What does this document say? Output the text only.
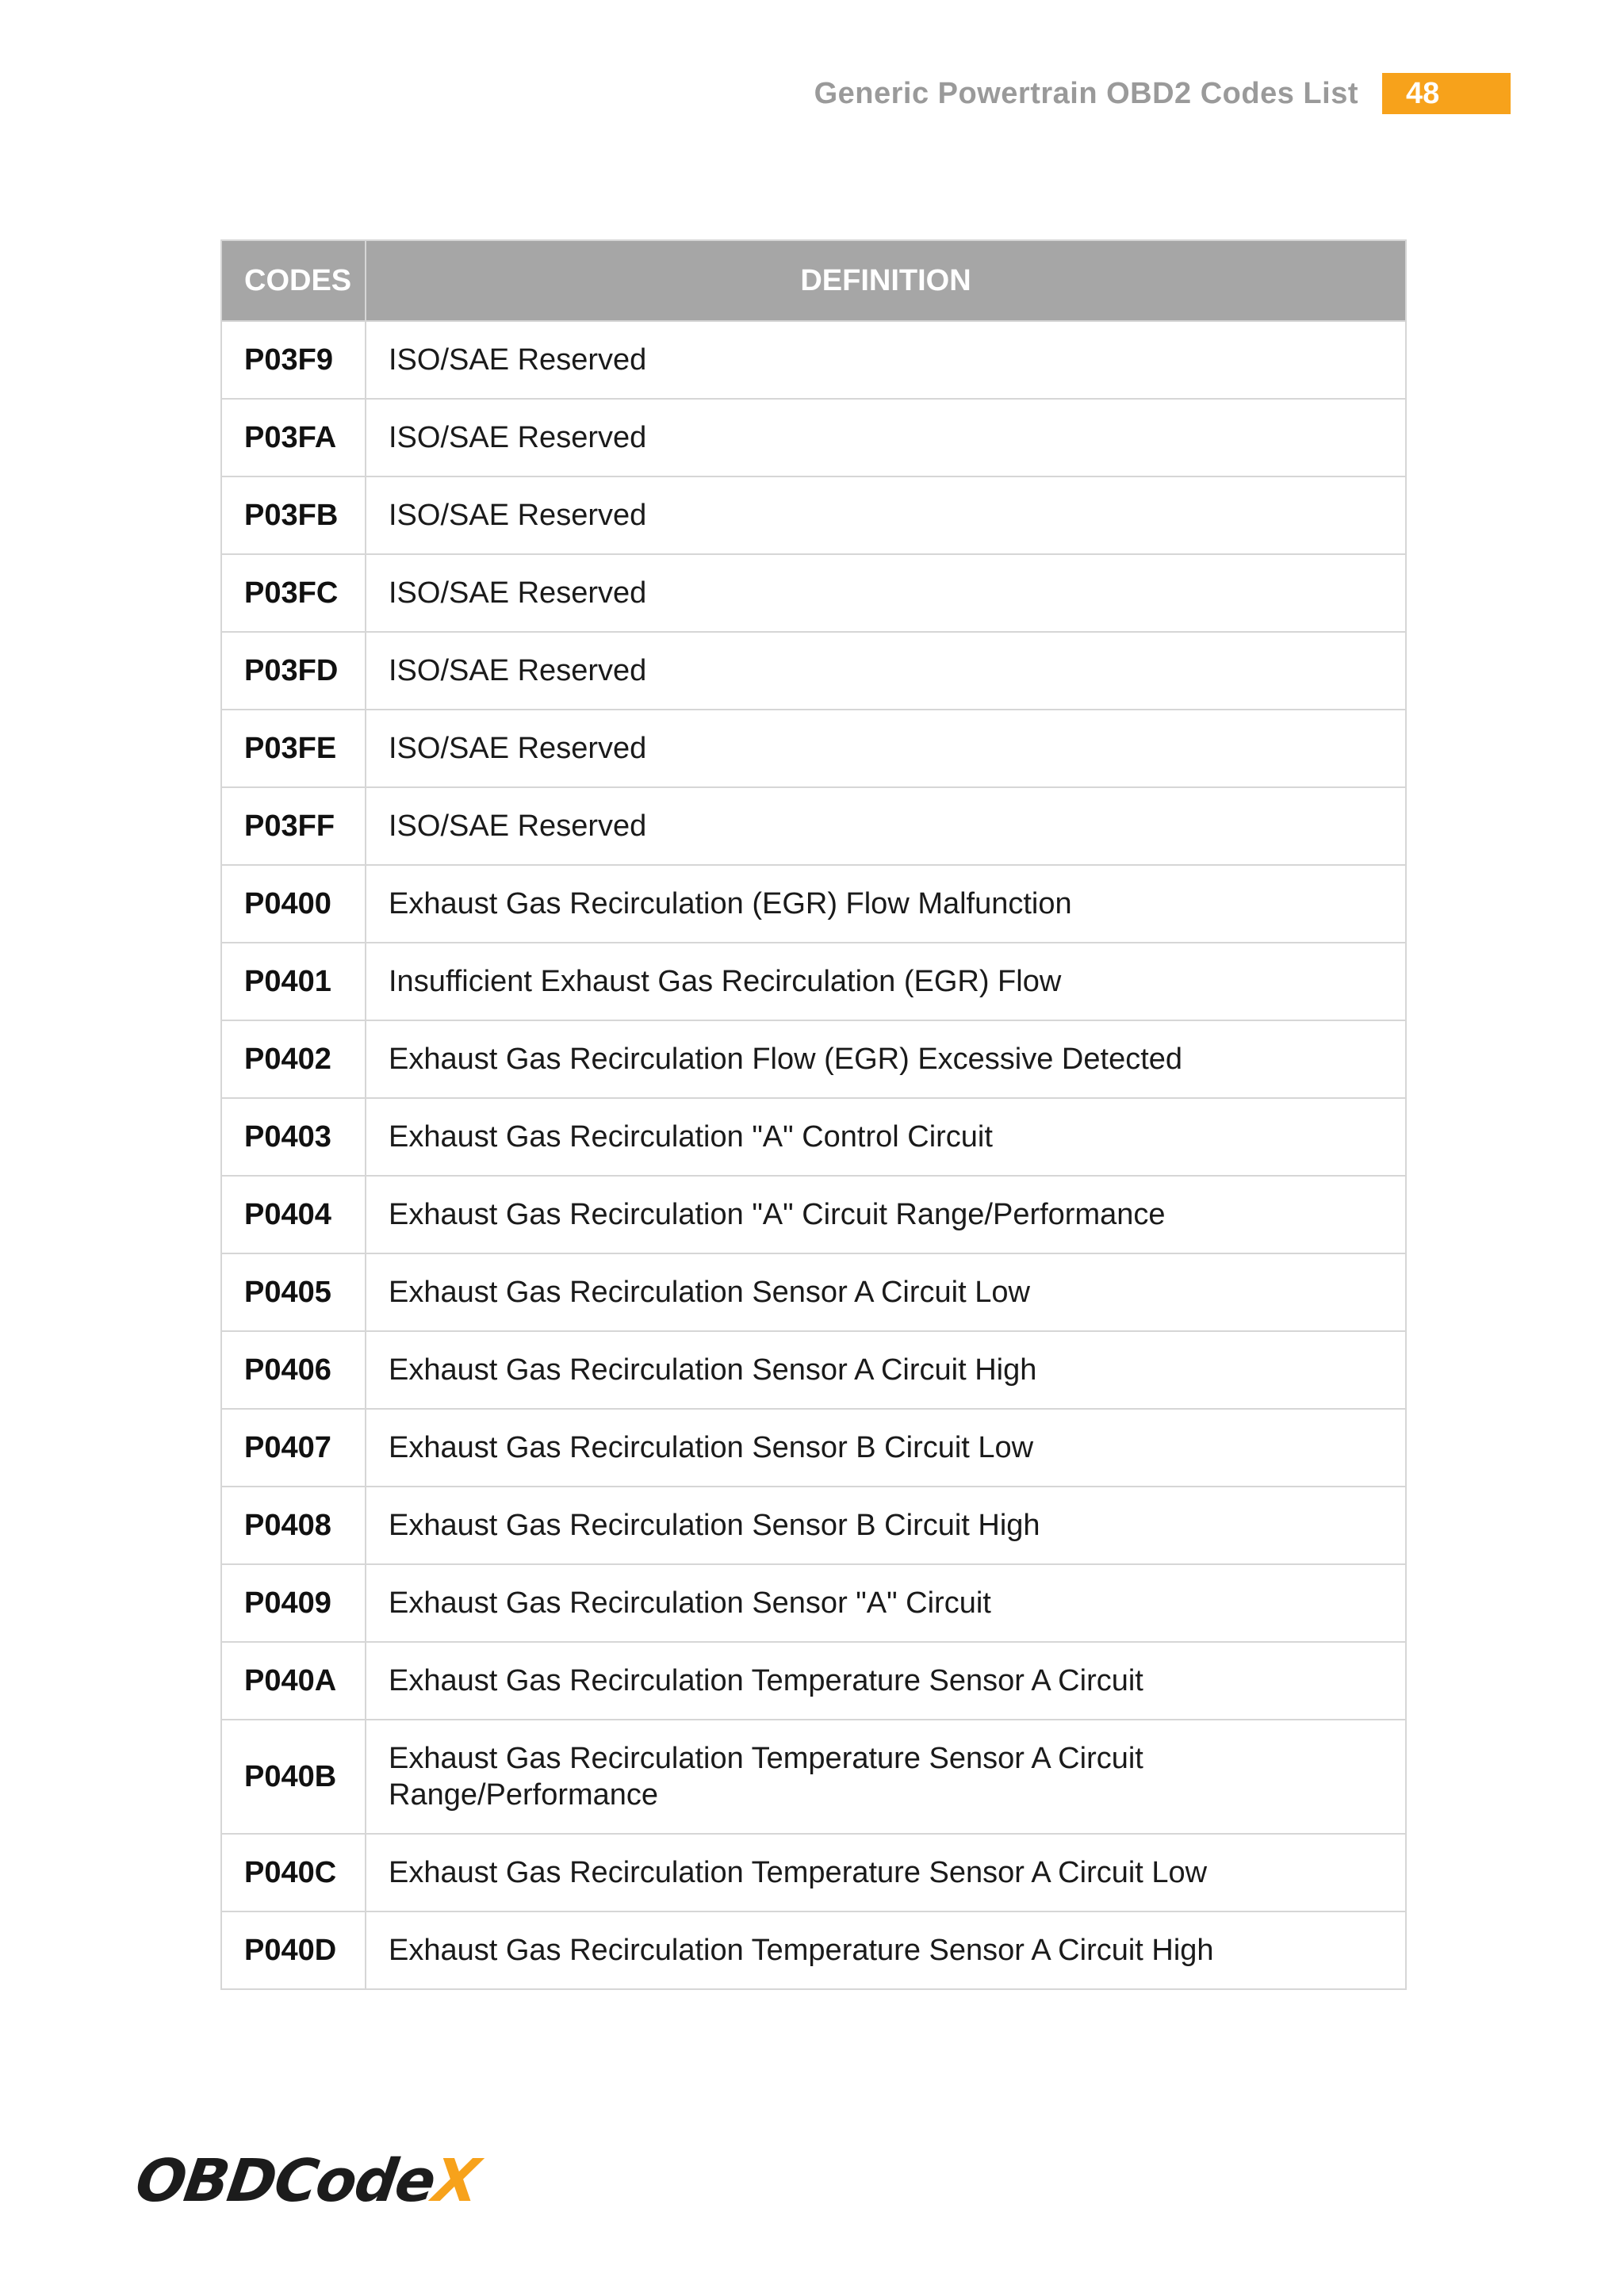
Generic Powertrain OBD2 Codes List	48
CODES	DEFINITION
P03F9	ISO/SAE Reserved
P03FA	ISO/SAE Reserved
P03FB	ISO/SAE Reserved
P03FC	ISO/SAE Reserved
P03FD	ISO/SAE Reserved
P03FE	ISO/SAE Reserved
P03FF	ISO/SAE Reserved
P0400	Exhaust Gas Recirculation (EGR) Flow Malfunction
P0401	Insufficient Exhaust Gas Recirculation (EGR) Flow
P0402	Exhaust Gas Recirculation Flow (EGR) Excessive Detected
P0403	Exhaust Gas Recirculation "A" Control Circuit
P0404	Exhaust Gas Recirculation "A" Circuit Range/Performance
P0405	Exhaust Gas Recirculation Sensor A Circuit Low
P0406	Exhaust Gas Recirculation Sensor A Circuit High
P0407	Exhaust Gas Recirculation Sensor B Circuit Low
P0408	Exhaust Gas Recirculation Sensor B Circuit High
P0409	Exhaust Gas Recirculation Sensor "A" Circuit
P040A	Exhaust Gas Recirculation Temperature Sensor A Circuit
P040B	Exhaust Gas Recirculation Temperature Sensor A Circuit Range/Performance
P040C	Exhaust Gas Recirculation Temperature Sensor A Circuit Low
P040D	Exhaust Gas Recirculation Temperature Sensor A Circuit High
OBDCodeX
